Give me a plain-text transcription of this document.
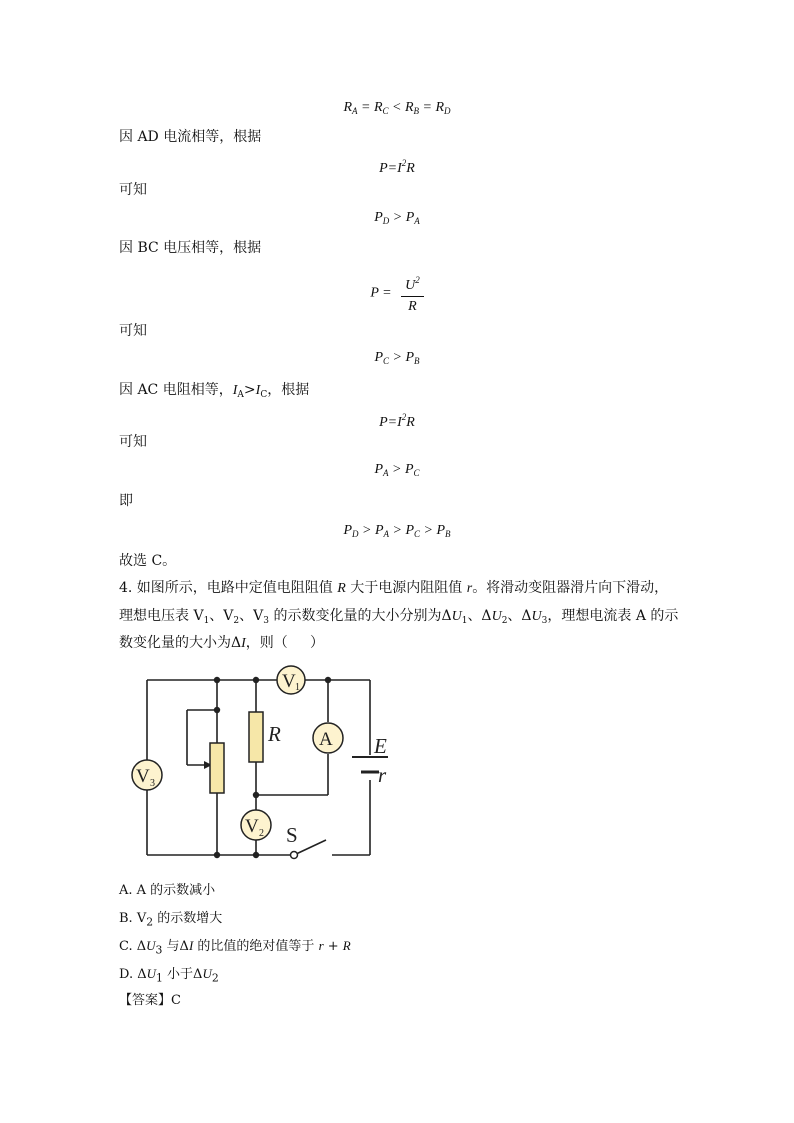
$R_A = R_C < R_B = R_D$
因 AD 电流相等，根据
$P=I^2R$
可知
$P_D > P_A$
因 BC 电压相等，根据
$P = \frac{U^2}{R}$
可知
$P_C > P_B$
因 AC 电阻相等，$I_A>I_C$，根据
$P=I^2R$
可知
$P_A > P_C$
即
$P_D > P_A > P_C > P_B$
故选 C。
4. 如图所示，电路中定值电阻阻值 R 大于电源内阻阻值 r。将滑动变阻器滑片向下滑动，
理想电压表 $V_1$、$V_2$、$V_3$ 的示数变化量的大小分别为$\Delta U_1$、$\Delta U_2$、$\Delta U_3$，理想电流表 A 的示
数变化量的大小为ΔI，则（     ）
V 1
A
V 3
V 2
R	E
r
S
A. A 的示数减小
B. $V_2$ 的示数增大
C. $\Delta U_3$ 与ΔI 的比值的绝对值等于 r + R
D. $\Delta U_1$ 小于$\Delta U_2$
【答案】C
